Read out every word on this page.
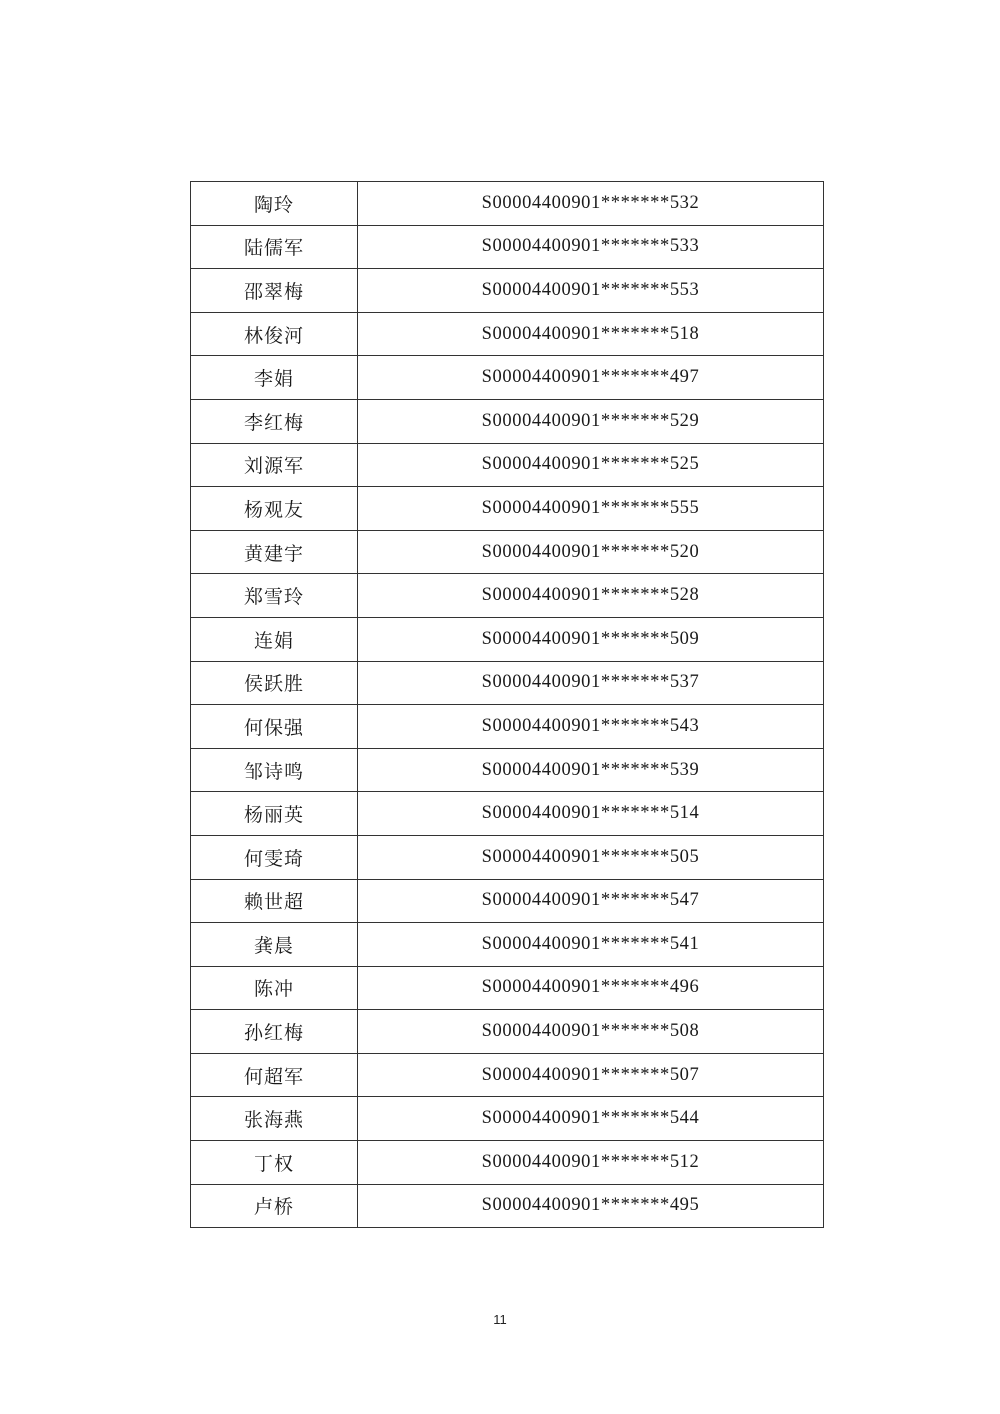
陶玲	S00004400901*******532
陆儒军	S00004400901*******533
邵翠梅	S00004400901*******553
林俊河	S00004400901*******518
李娟	S00004400901*******497
李红梅	S00004400901*******529
刘源军	S00004400901*******525
杨观友	S00004400901*******555
黄建宇	S00004400901*******520
郑雪玲	S00004400901*******528
连娟	S00004400901*******509
侯跃胜	S00004400901*******537
何保强	S00004400901*******543
邹诗鸣	S00004400901*******539
杨丽英	S00004400901*******514
何雯琦	S00004400901*******505
赖世超	S00004400901*******547
龚晨	S00004400901*******541
陈冲	S00004400901*******496
孙红梅	S00004400901*******508
何超军	S00004400901*******507
张海燕	S00004400901*******544
丁权	S00004400901*******512
卢桥	S00004400901*******495
11
